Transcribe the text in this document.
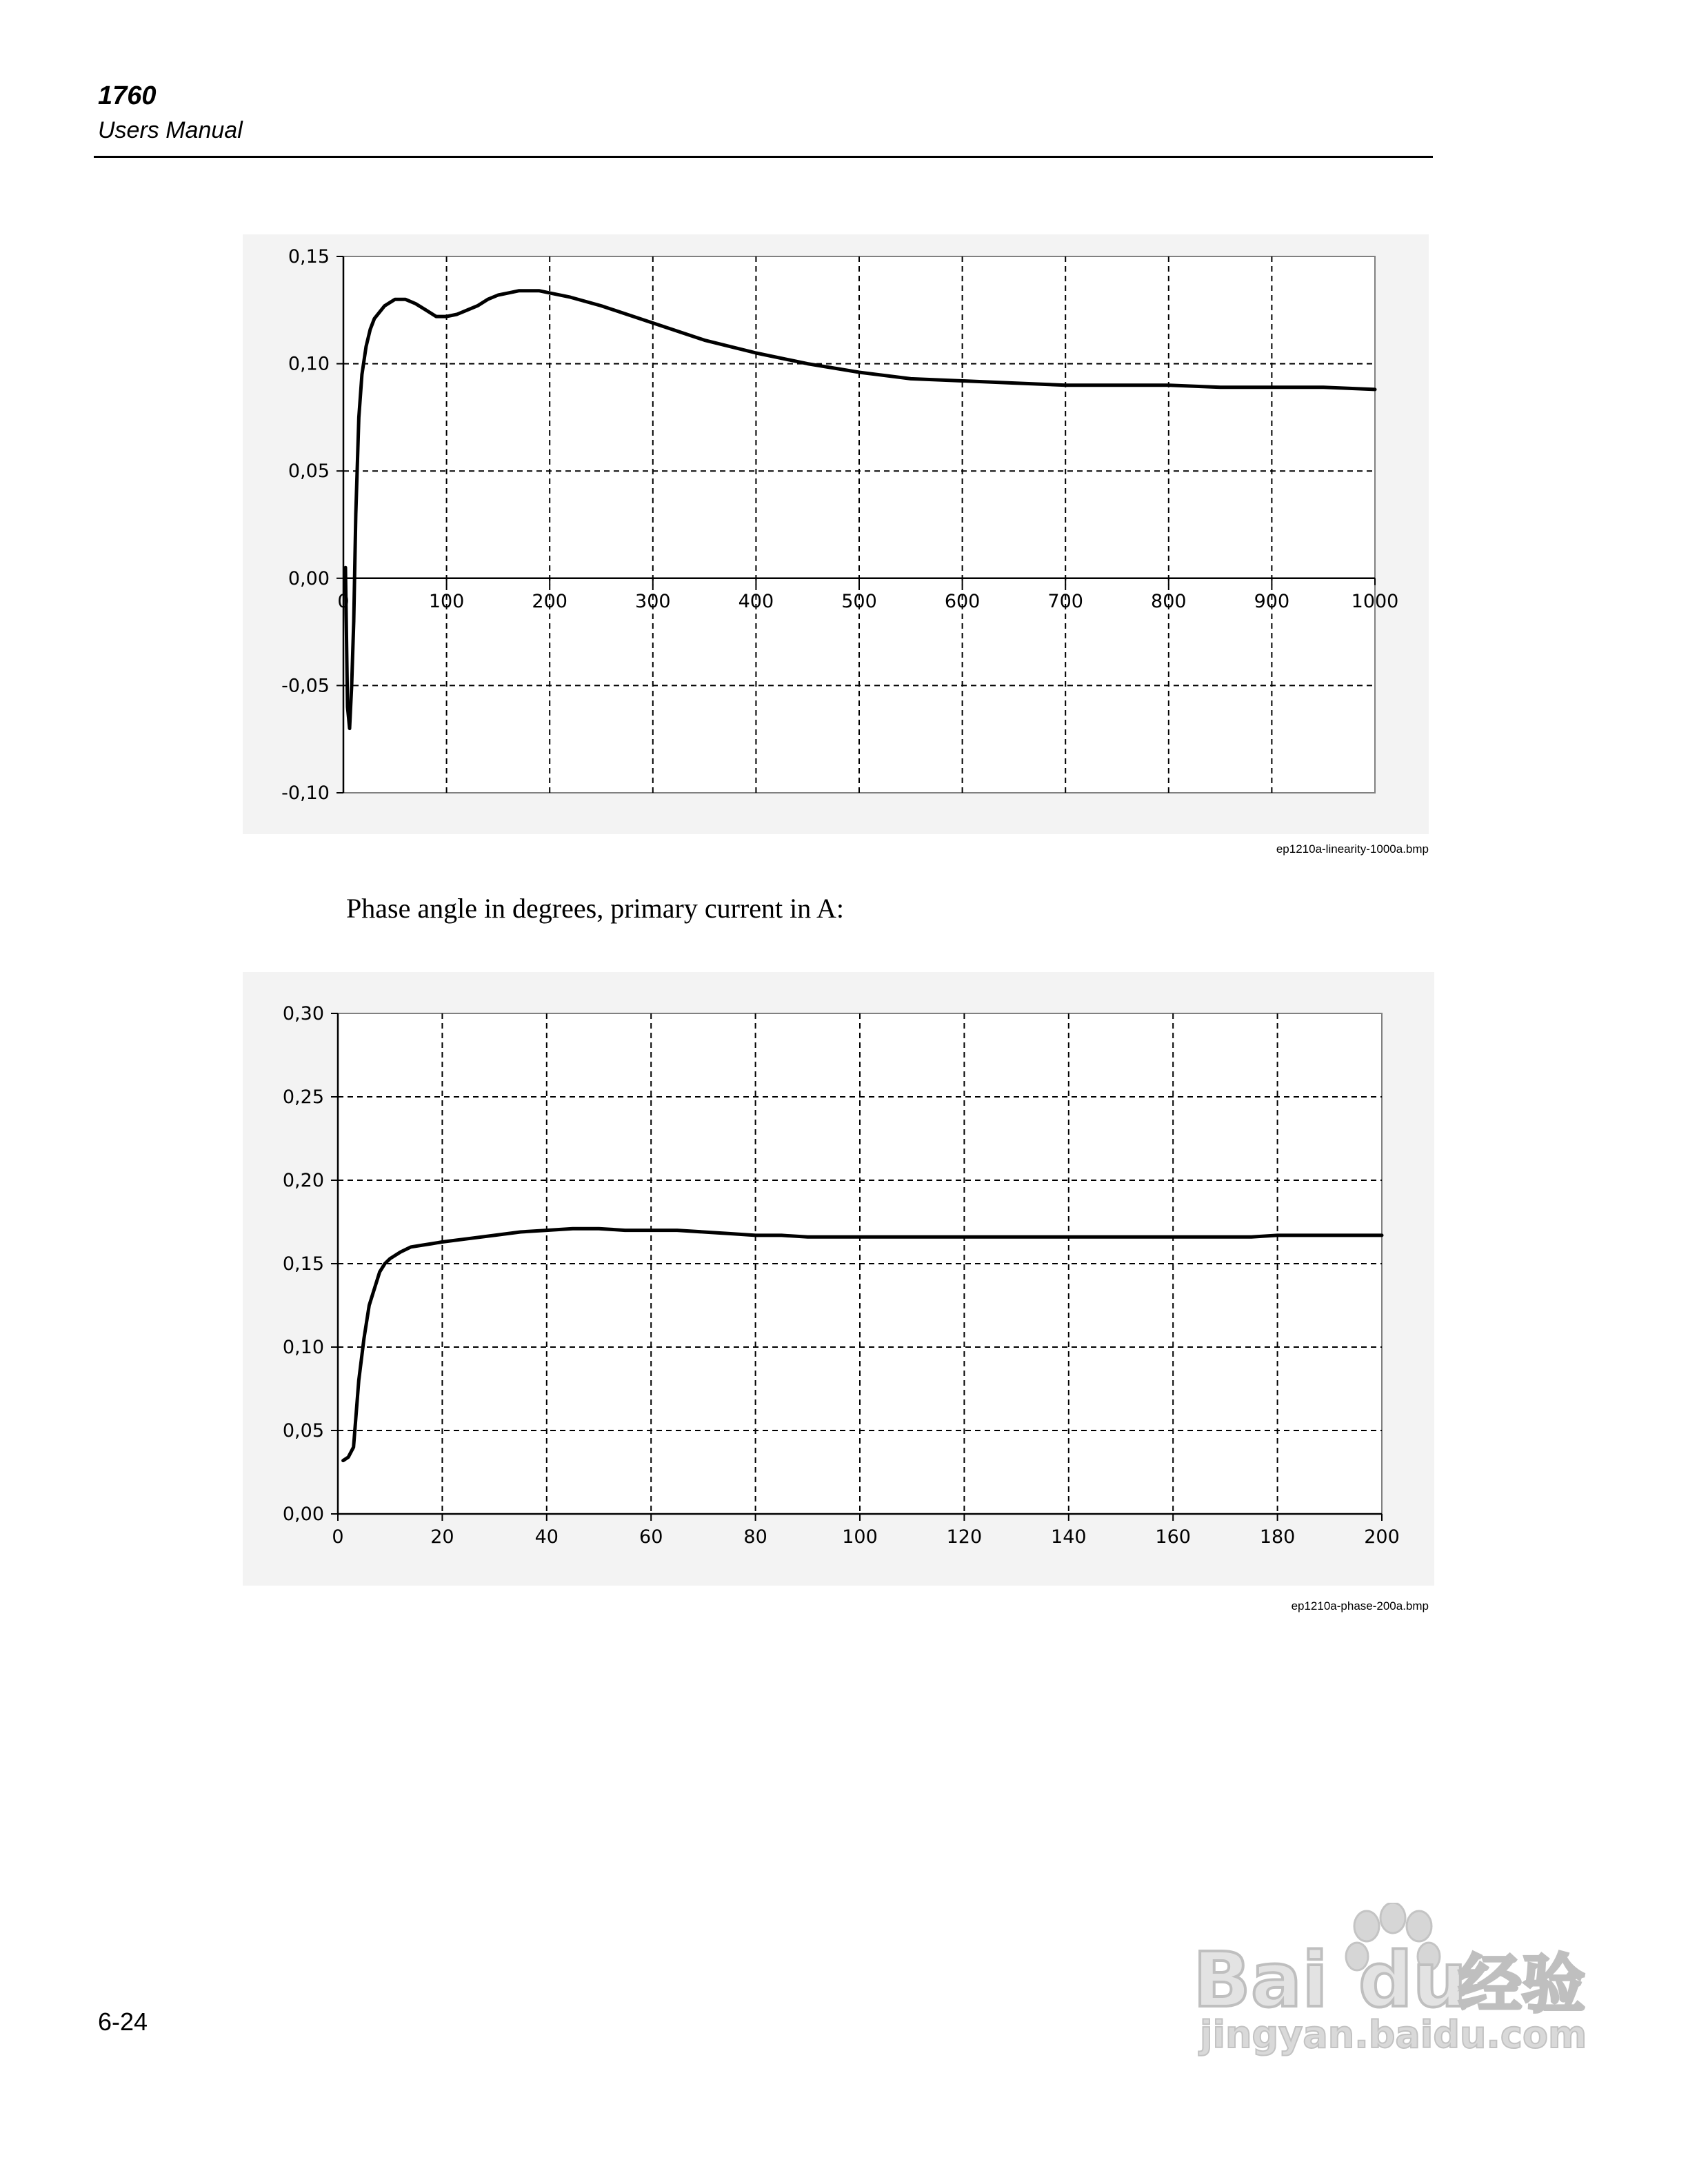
1760
Users Manual
-0,10
-0,05
0,00
0,05
0,10
0,15
0	100	200	300	400	500	600	700	800	900	1000
ep1210a-linearity-1000a.bmp
Phase angle in degrees, primary current in A:
0,00
0,05
0,10
0,15
0,20
0,25
0,30
0	20	40	60	80	100	120	140	160	180	200
ep1210a-phase-200a.bmp
6-24	Bai du
经验
jingyan.baidu.com
